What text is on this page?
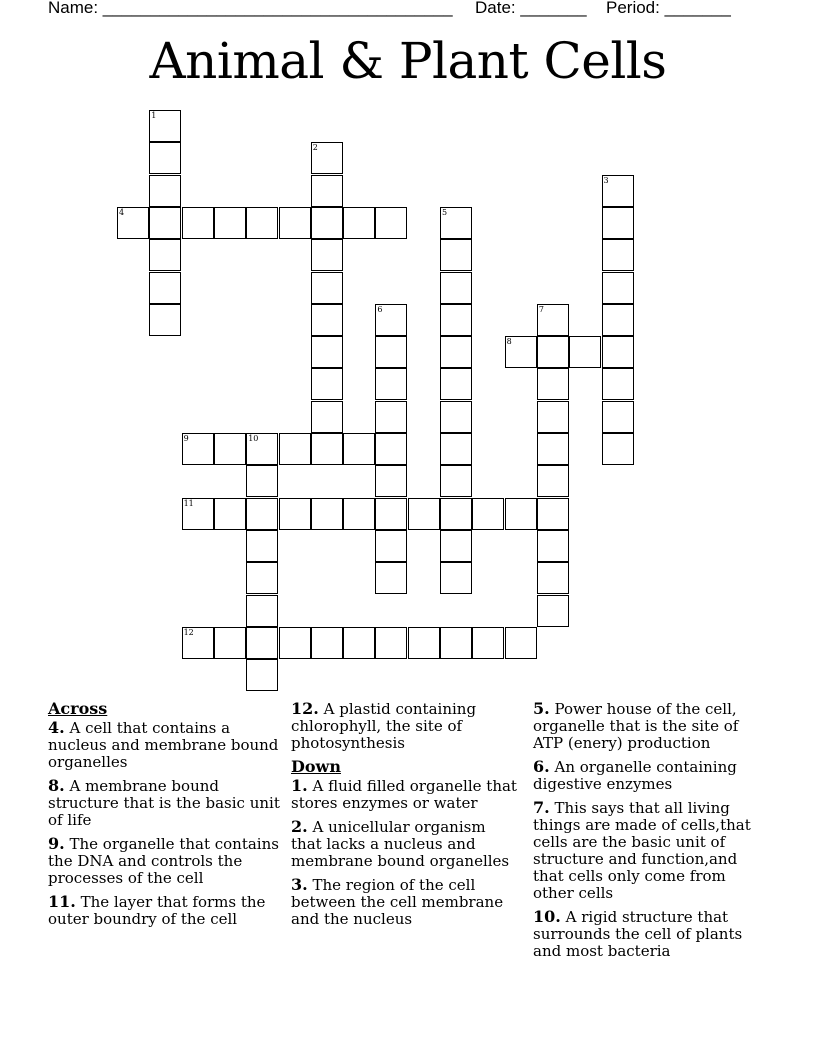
Name: _____________________________________ Date: _______ Period: _______
Animal & Plant Cells
1
2
3
4	5
6	7
8
9	10
11
12
Across
4. A cell that contains a nucleus and membrane bound organelles
8. A membrane bound structure that is the basic unit of life
9. The organelle that contains the DNA and controls the processes of the cell
11. The layer that forms the outer boundry of the cell
12. A plastid containing chlorophyll, the site of photosynthesis
Down
1. A fluid filled organelle that stores enzymes or water
2. A unicellular organism that lacks a nucleus and membrane bound organelles
3. The region of the cell between the cell membrane and the nucleus
5. Power house of the cell, organelle that is the site of ATP (enery) production
6. An organelle containing digestive enzymes
7. This says that all living things are made of cells,that cells are the basic unit of structure and function,and that cells only come from other cells
10. A rigid structure that surrounds the cell of plants and most bacteria
